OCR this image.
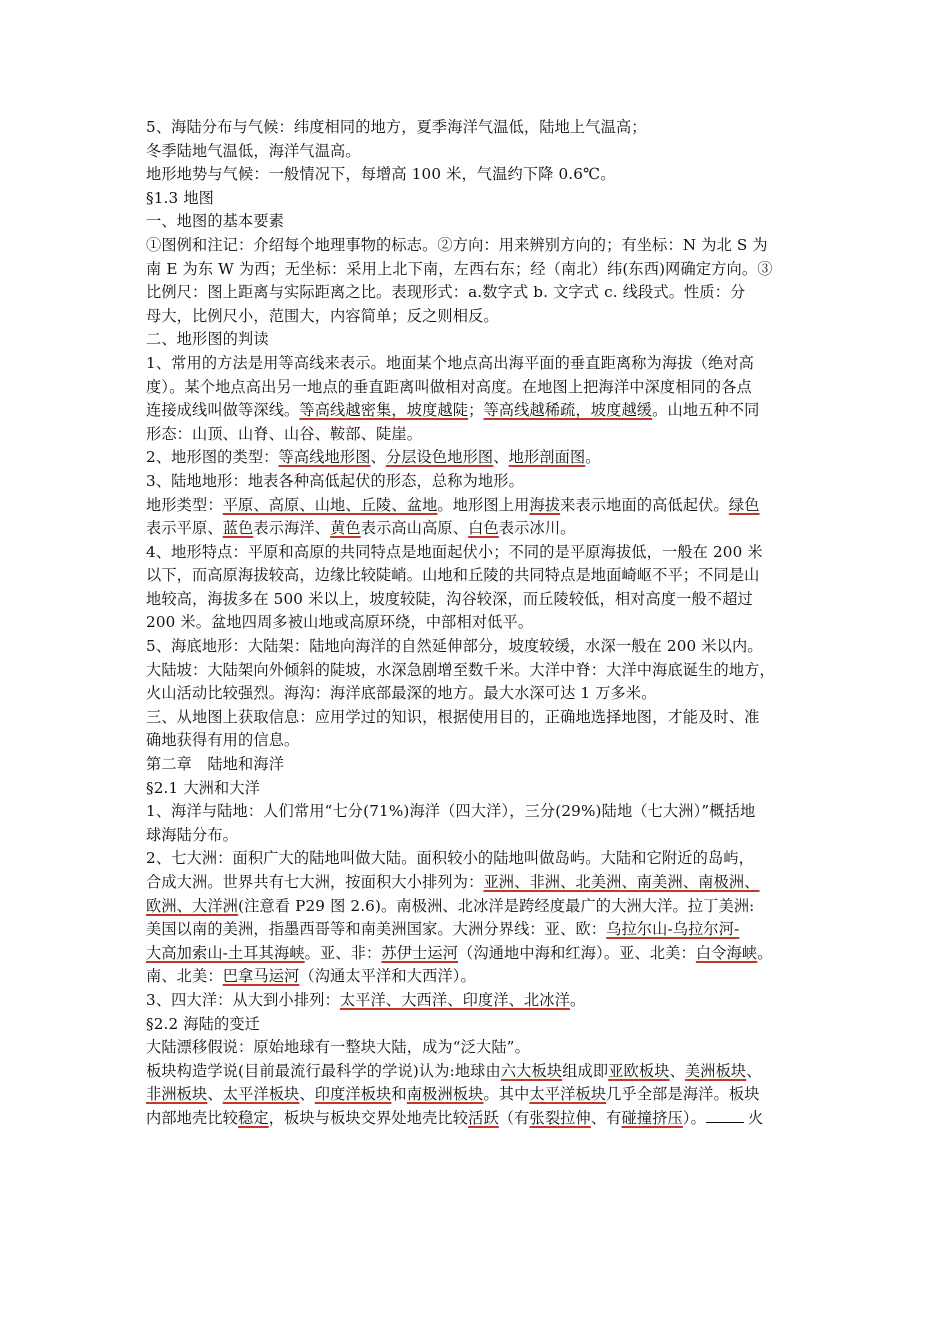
5、海陆分布与气候：纬度相同的地方，夏季海洋气温低，陆地上气温高；
冬季陆地气温低，海洋气温高。
地形地势与气候：一般情况下，每增高 100 米，气温约下降 0.6℃。
§1.3 地图
一、地图的基本要素
①图例和注记：介绍每个地理事物的标志。②方向：用来辨别方向的；有坐标：N 为北 S 为
南 E 为东 W 为西；无坐标：采用上北下南，左西右东；经（南北）纬(东西)网确定方向。③
比例尺：图上距离与实际距离之比。表现形式：a.数字式 b. 文字式 c. 线段式。性质：分
母大，比例尺小，范围大，内容简单；反之则相反。
二、地形图的判读
1、常用的方法是用等高线来表示。地面某个地点高出海平面的垂直距离称为海拔（绝对高
度）。某个地点高出另一地点的垂直距离叫做相对高度。在地图上把海洋中深度相同的各点
连接成线叫做等深线。等高线越密集，坡度越陡；等高线越稀疏，坡度越缓。山地五种不同
形态：山顶、山脊、山谷、鞍部、陡崖。
2、地形图的类型：等高线地形图、分层设色地形图、地形剖面图。
3、陆地地形：地表各种高低起伏的形态，总称为地形。
地形类型：平原、高原、山地、丘陵、盆地。地形图上用海拔来表示地面的高低起伏。绿色
表示平原、蓝色表示海洋、黄色表示高山高原、白色表示冰川。
4、地形特点：平原和高原的共同特点是地面起伏小；不同的是平原海拔低，一般在 200 米
以下，而高原海拔较高，边缘比较陡峭。山地和丘陵的共同特点是地面崎岖不平；不同是山
地较高，海拔多在 500 米以上，坡度较陡，沟谷较深，而丘陵较低，相对高度一般不超过
200 米。盆地四周多被山地或高原环绕，中部相对低平。
5、海底地形：大陆架：陆地向海洋的自然延伸部分，坡度较缓，水深一般在 200 米以内。
大陆坡：大陆架向外倾斜的陡坡，水深急剧增至数千米。大洋中脊：大洋中海底诞生的地方，
火山活动比较强烈。海沟：海洋底部最深的地方。最大水深可达 1 万多米。
三、从地图上获取信息：应用学过的知识，根据使用目的，正确地选择地图，才能及时、准
确地获得有用的信息。
第二章　陆地和海洋
§2.1 大洲和大洋
1、海洋与陆地：人们常用“七分(71%)海洋（四大洋），三分(29%)陆地（七大洲）”概括地
球海陆分布。
2、七大洲：面积广大的陆地叫做大陆。面积较小的陆地叫做岛屿。大陆和它附近的岛屿，
合成大洲。世界共有七大洲，按面积大小排列为：亚洲、非洲、北美洲、南美洲、南极洲、
欧洲、大洋洲(注意看 P29 图 2.6)。南极洲、北冰洋是跨经度最广的大洲大洋。拉丁美洲:
美国以南的美洲，指墨西哥等和南美洲国家。大洲分界线：亚、欧：乌拉尔山-乌拉尔河-
大高加索山-土耳其海峡。亚、非：苏伊士运河（沟通地中海和红海）。亚、北美：白令海峡。
南、北美：巴拿马运河（沟通太平洋和大西洋）。
3、四大洋：从大到小排列：太平洋、大西洋、印度洋、北冰洋。
§2.2 海陆的变迁
大陆漂移假说：原始地球有一整块大陆，成为“泛大陆”。
板块构造学说(目前最流行最科学的学说)认为:地球由六大板块组成即亚欧板块、美洲板块、
非洲板块、太平洋板块、印度洋板块和南极洲板块。其中太平洋板块几乎全部是海洋。板块
内部地壳比较稳定，板块与板块交界处地壳比较活跃（有张裂拉伸、有碰撞挤压）。	火
